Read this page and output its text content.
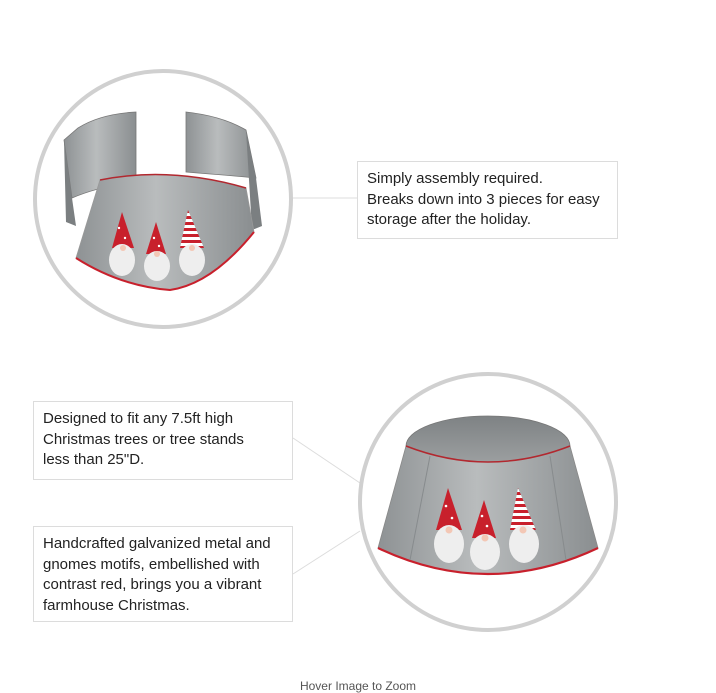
Simply assembly required.
Breaks down into 3 pieces for easy
storage after the holiday.
Designed to fit any 7.5ft high
Christmas trees or tree stands
less than 25"D.
Handcrafted galvanized metal and
gnomes motifs, embellished with
contrast red, brings you a vibrant
farmhouse Christmas.
Hover Image to Zoom
